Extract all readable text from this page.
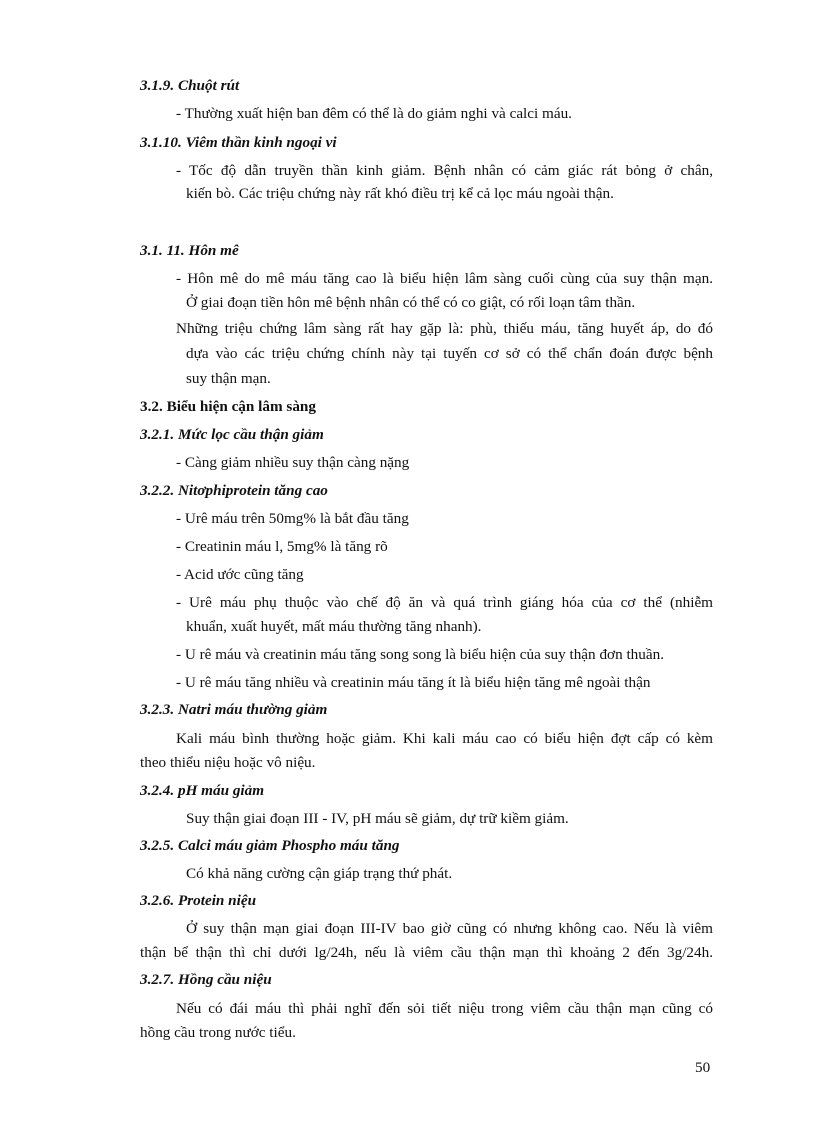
3.1.9. Chuột rút
- Thường xuất hiện ban đêm có thể là do giảm nghi và calci máu.
3.1.10. Viêm thần kinh ngoại vi
- Tốc độ dẫn truyền thần kinh giảm. Bệnh nhân có cảm giác rát bỏng ở chân,
kiến bò. Các triệu chứng này rất khó điều trị kể cả lọc máu ngoài thận.
3.1. 11. Hôn mê
- Hôn mê do mê máu tăng cao là biểu hiện lâm sàng cuối cùng của suy thận mạn.
Ở giai đoạn tiền hôn mê bệnh nhân có thể có co giật, có rối loạn tâm thần.
Những triệu chứng lâm sàng rất hay gặp là: phù, thiếu máu, tăng huyết áp, do đó
dựa vào các triệu chứng chính này tại tuyến cơ sở có thể chẩn đoán được bệnh
suy thận mạn.
3.2. Biểu hiện cận lâm sàng
3.2.1. Mức lọc cầu thận giảm
- Càng giảm nhiều suy thận càng nặng
3.2.2. Nitơphiprotein tăng cao
- Urê máu trên 50mg% là bắt đầu tăng
- Creatinin máu l, 5mg% là tăng rõ
- Acid ước cũng tăng
- Urê máu phụ thuộc vào chế độ ăn và quá trình giáng hóa của cơ thể (nhiễm
khuẩn, xuất huyết, mất máu thường tăng nhanh).
- U rê máu và creatinin máu tăng song song là biểu hiện của suy thận đơn thuần.
- U rê máu tăng nhiều và creatinin máu tăng ít là biểu hiện tăng mê ngoài thận
3.2.3. Natri máu thường giảm
Kali máu bình thường hoặc giảm. Khi kali máu cao có biểu hiện đợt cấp có kèm
theo thiểu niệu hoặc vô niệu.
3.2.4. pH máu giảm
Suy thận giai đoạn III - IV, pH máu sẽ giảm, dự trữ kiềm giảm.
3.2.5. Calci máu giảm Phospho máu tăng
Có khả năng cường cận giáp trạng thứ phát.
3.2.6. Protein niệu
Ở suy thận mạn giai đoạn III-IV bao giờ cũng có nhưng không cao. Nếu là viêm
thận bể thận thì chỉ dưới lg/24h, nếu là viêm cầu thận mạn thì khoảng 2 đến 3g/24h.
3.2.7. Hồng cầu niệu
Nếu có đái máu thì phải nghĩ đến sỏi tiết niệu trong viêm cầu thận mạn cũng có
hồng cầu trong nước tiểu.
50
